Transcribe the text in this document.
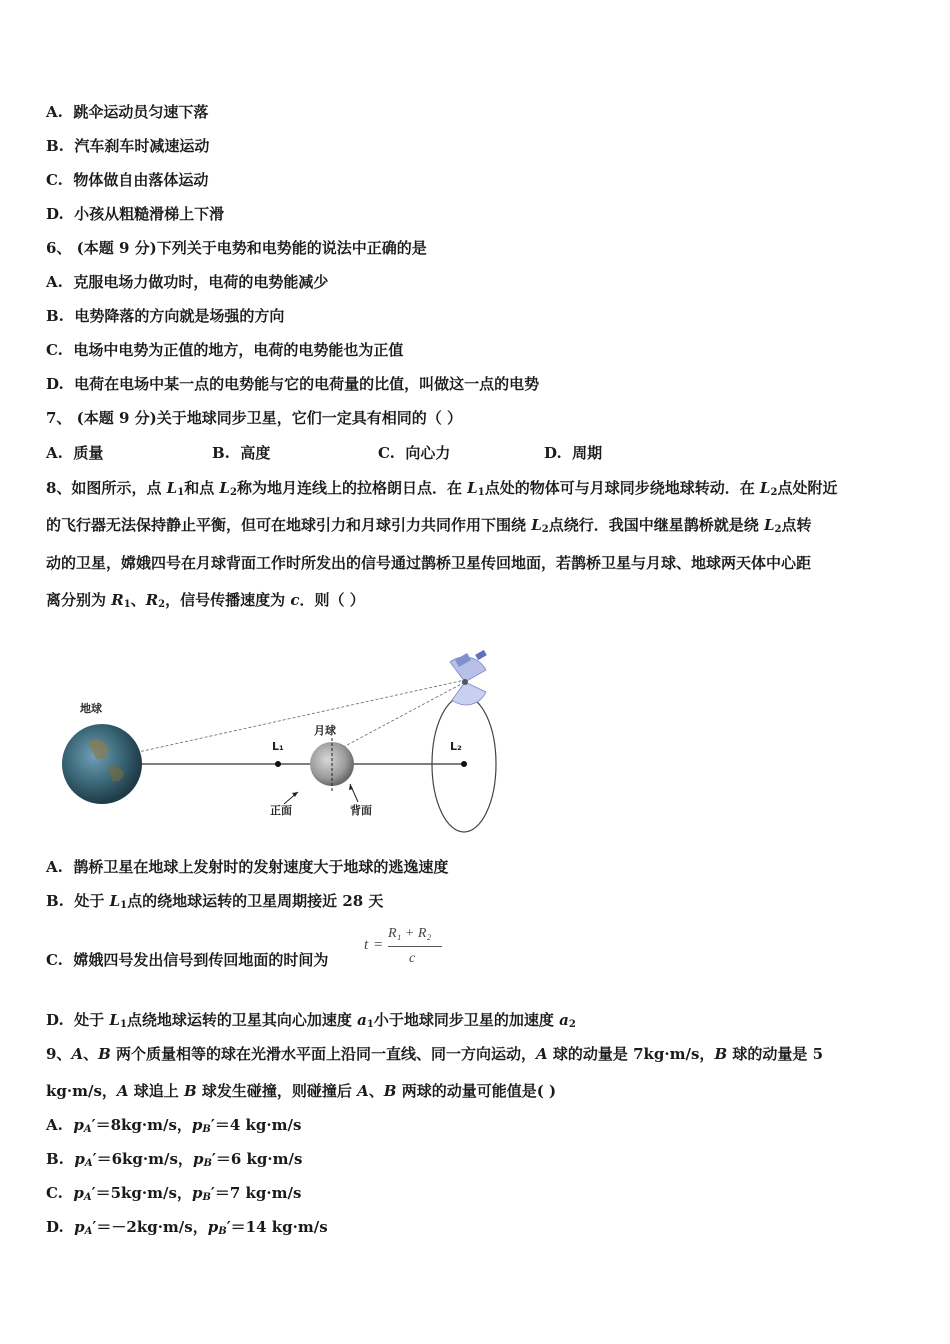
A. 跳伞运动员匀速下落
B. 汽车刹车时减速运动
C. 物体做自由落体运动
D. 小孩从粗糙滑梯上下滑
6、 (本题 9 分)下列关于电势和电势能的说法中正确的是
A. 克服电场力做功时，电荷的电势能减少
B. 电势降落的方向就是场强的方向
C. 电场中电势为正值的地方，电荷的电势能也为正值
D. 电荷在电场中某一点的电势能与它的电荷量的比值，叫做这一点的电势
7、 (本题 9 分)关于地球同步卫星，它们一定具有相同的（ ）
A. 质量	B. 高度	C. 向心力	D. 周期
8、如图所示，点 $L_1$和点 $L_2$称为地月连线上的拉格朗日点．在 $L_1$点处的物体可与月球同步绕地球转动．在 $L_2$点处附近
的飞行器无法保持静止平衡，但可在地球引力和月球引力共同作用下围绕 $L_2$点绕行．我国中继星鹊桥就是绕 $L_2$点转
动的卫星，嫦娥四号在月球背面工作时所发出的信号通过鹊桥卫星传回地面，若鹊桥卫星与月球、地球两天体中心距
离分别为 $R_1$、$R_2$，信号传播速度为 c．则（ ）
地球
月球
L₁	L₂
正面	背面
A. 鹊桥卫星在地球上发射时的发射速度大于地球的逃逸速度
B. 处于 $L_1$点的绕地球运转的卫星周期接近 28 天
C. 嫦娥四号发出信号到传回地面的时间为
t =
R₁ + R₂
c
D. 处于 $L_1$点绕地球运转的卫星其向心加速度 $a_1$小于地球同步卫星的加速度 $a_2$
9、A、B 两个质量相等的球在光滑水平面上沿同一直线、同一方向运动，A 球的动量是 7kg·m/s，B 球的动量是 5
kg·m/s，A 球追上 B 球发生碰撞，则碰撞后 A、B 两球的动量可能值是( )
A. $p_A'=8kg\cdot m/s$，$p_B'=4$ kg·m/s
B. $p_A'=6kg\cdot m/s$，$p_B'=6$ kg·m/s
C. $p_A'=5kg\cdot m/s$，$p_B'=7$ kg·m/s
D. $p_A'=-2kg\cdot m/s$，$p_B'=14$ kg·m/s
